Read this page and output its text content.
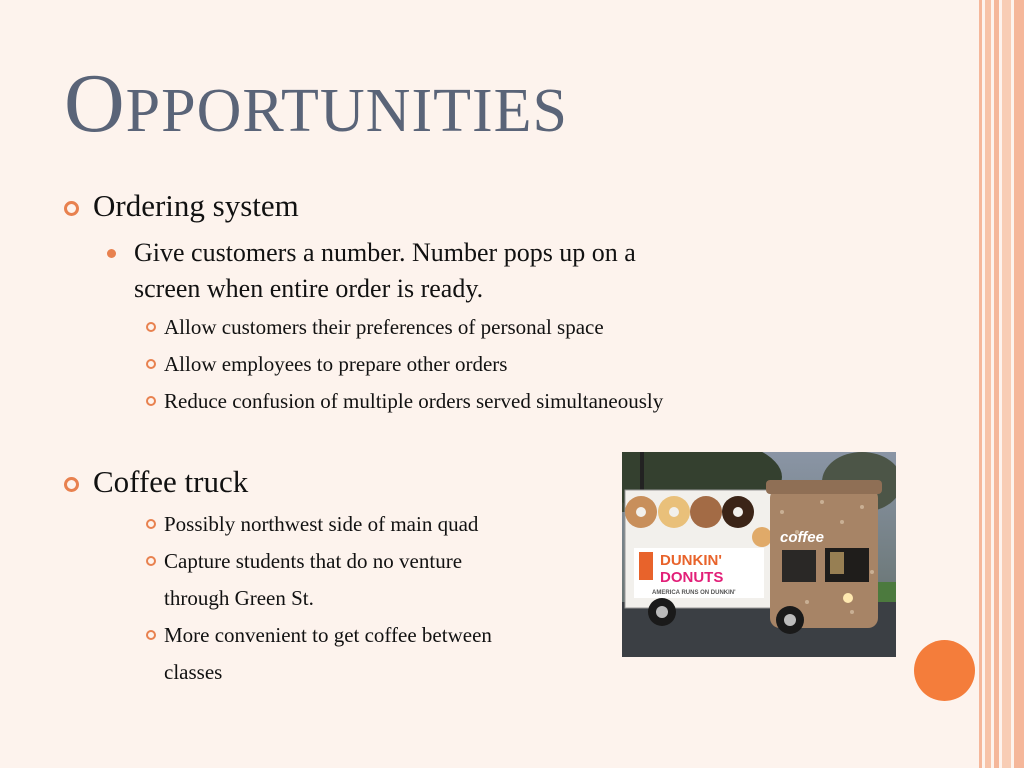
OPPORTUNITIES
Ordering system
Give customers a number. Number pops up on a
screen when entire order is ready.
Allow customers their preferences of personal space
Allow employees to prepare other orders
Reduce confusion of multiple orders served simultaneously
Coffee truck
Possibly northwest side of main quad
Capture students that do no venture
through Green St.
More convenient to get coffee between
classes
DUNKIN'
DONUTS
AMERICA RUNS ON DUNKIN'
coffee
